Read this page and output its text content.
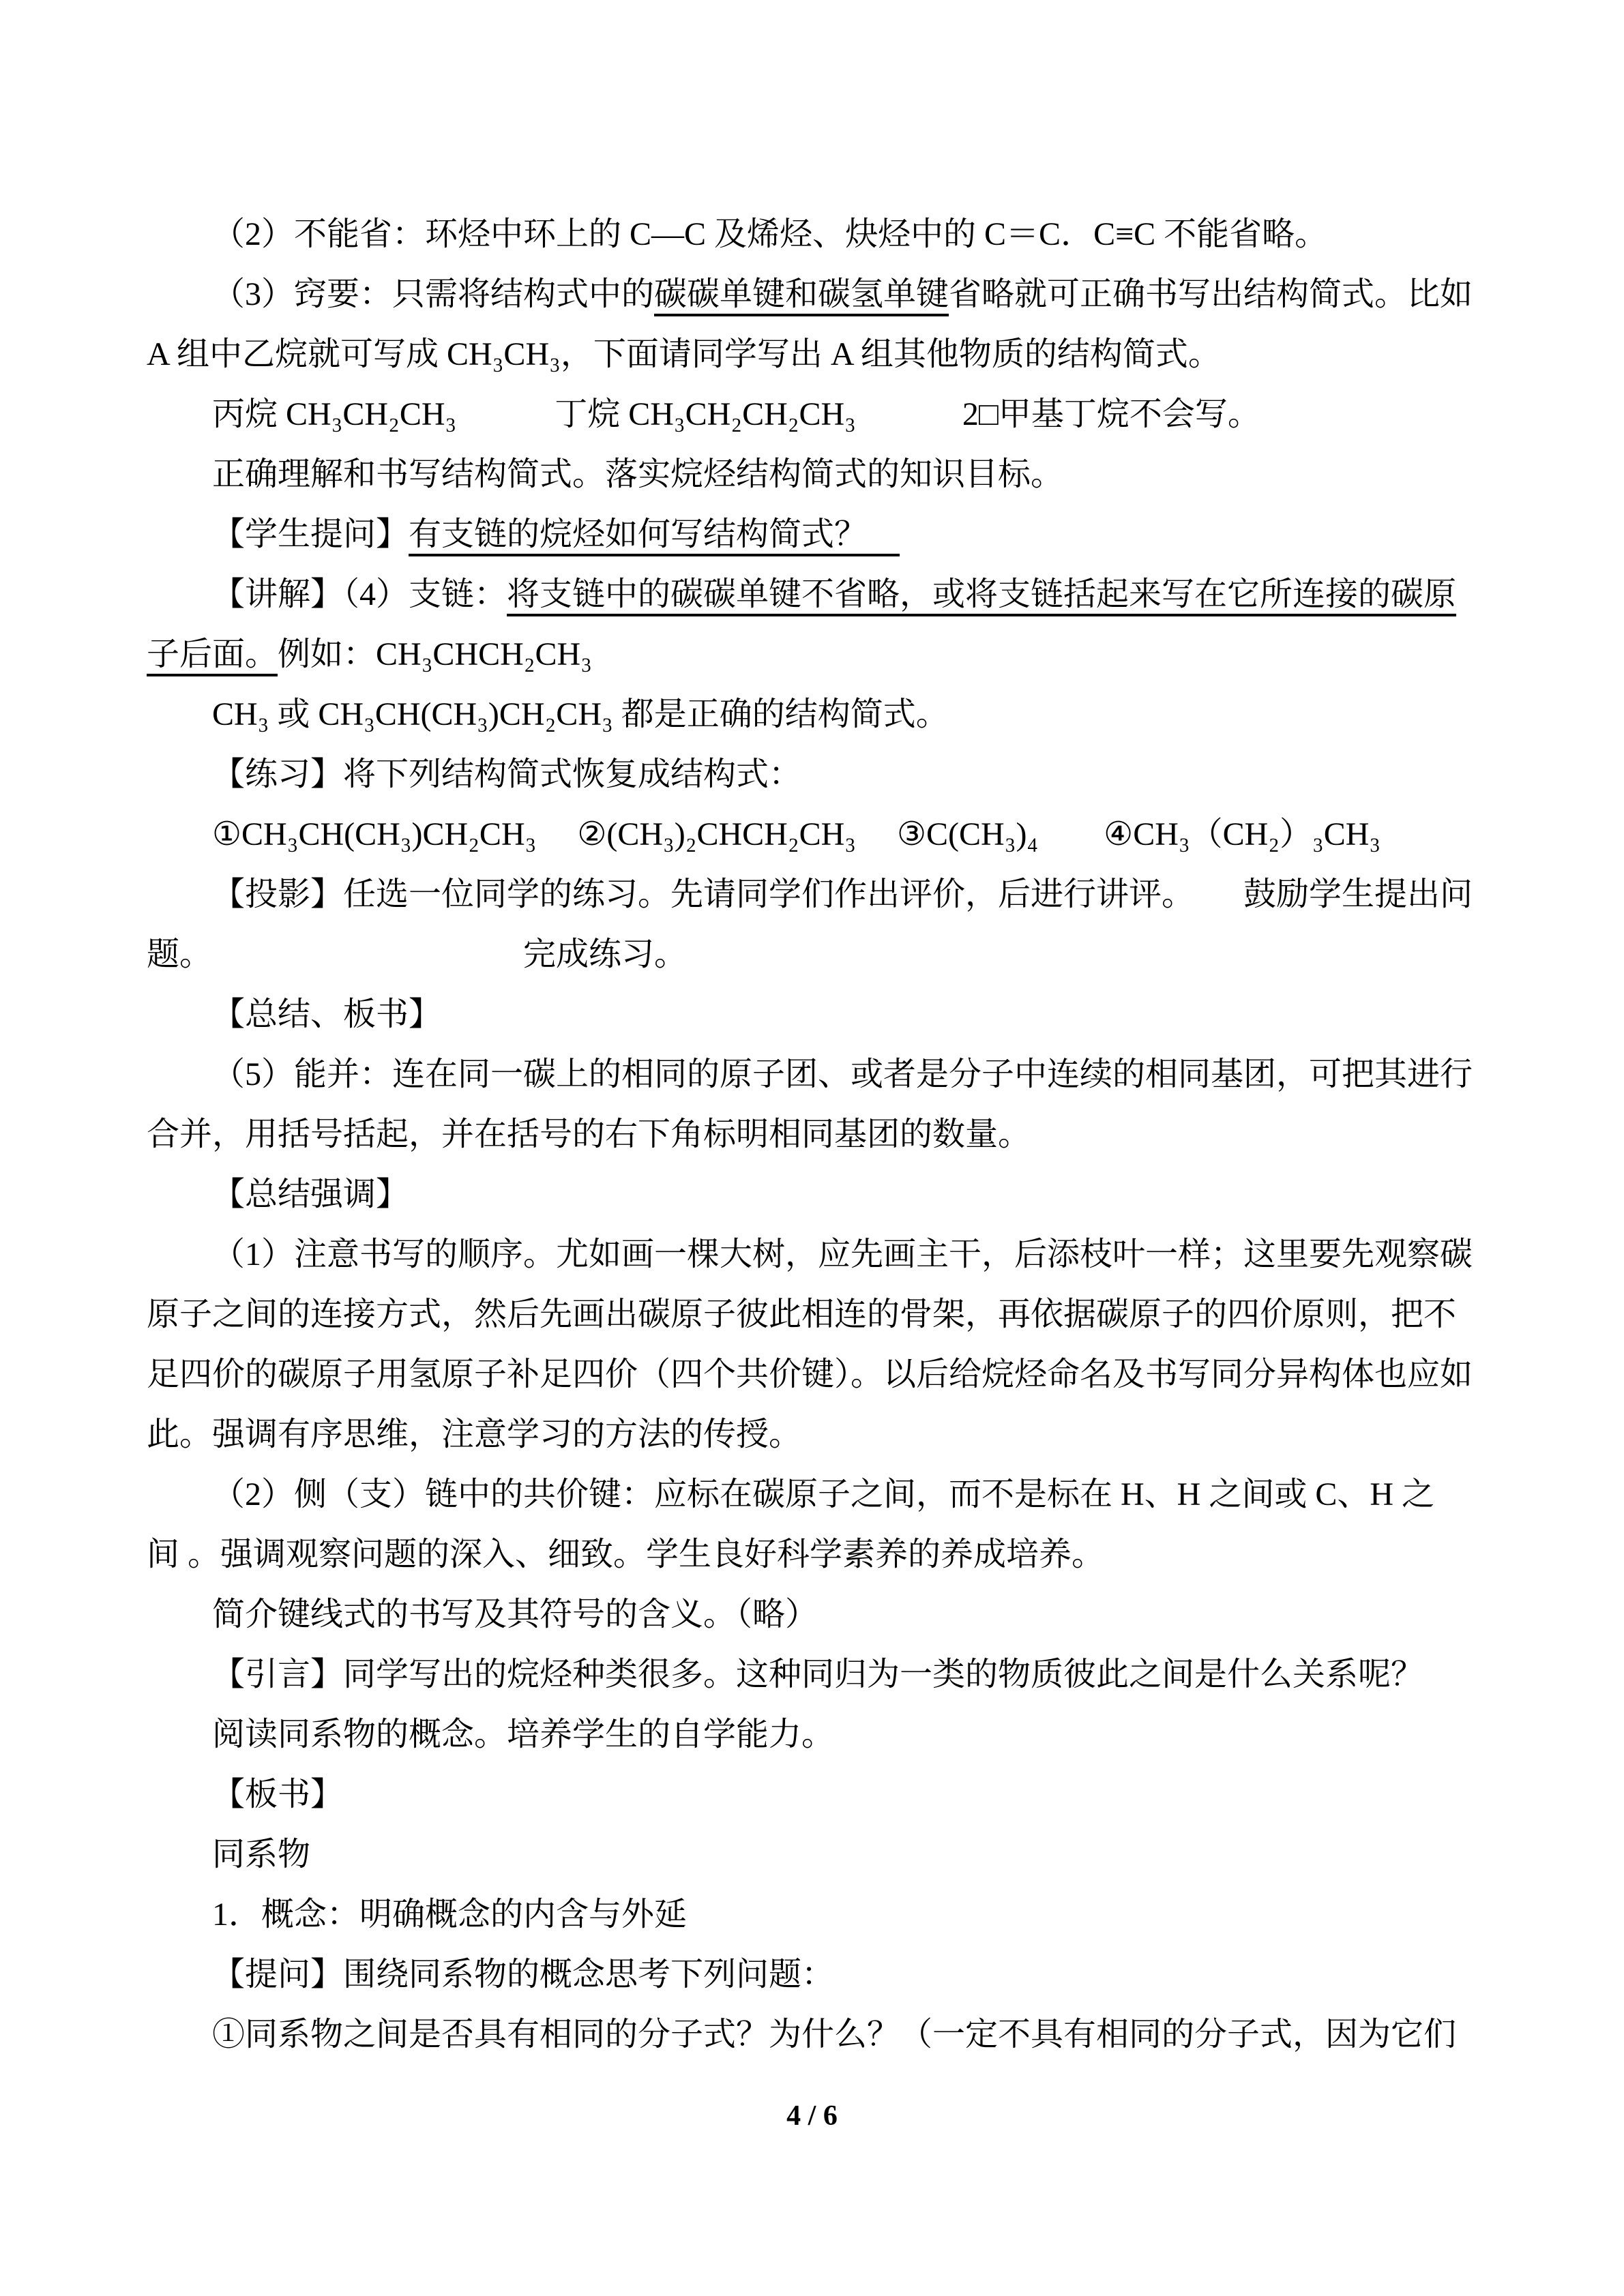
（2）不能省：环烃中环上的 C—C 及烯烃、炔烃中的 C＝C．C≡C 不能省略。

（3）窍要：只需将结构式中的碳碳单键和碳氢单键省略就可正确书写出结构简式。比如

A 组中乙烷就可写成 CH₃CH₃，下面请同学写出 A 组其他物质的结构简式。

丙烷 CH₃CH₂CH₃　　　丁烷 CH₃CH₂CH₂CH₃　　　 2□甲基丁烷不会写。

正确理解和书写结构简式。落实烷烃结构简式的知识目标。

【学生提问】有支链的烷烃如何写结构简式？　

【讲解】（4）支链：将支链中的碳碳单键不省略，或将支链括起来写在它所连接的碳原

子后面。例如：CH₃CHCH₂CH₃

CH₃ 或 CH₃CH(CH₃)CH₂CH₃ 都是正确的结构简式。

【练习】将下列结构简式恢复成结构式：

①CH₃CH(CH₃)CH₂CH₃　 ②(CH₃)₂CHCH₂CH₃　 ③C(CH₃)₄　　④CH₃（CH₂）₃CH₃

【投影】任选一位同学的练习。先请同学们作出评价，后进行讲评。　　鼓励学生提出问

题。　　　　　　　　　　完成练习。

【总结、板书】

（5）能并：连在同一碳上的相同的原子团、或者是分子中连续的相同基团，可把其进行

合并，用括号括起，并在括号的右下角标明相同基团的数量。

【总结强调】

（1）注意书写的顺序。尤如画一棵大树，应先画主干，后添枝叶一样；这里要先观察碳

原子之间的连接方式，然后先画出碳原子彼此相连的骨架，再依据碳原子的四价原则，把不

足四价的碳原子用氢原子补足四价（四个共价键）。以后给烷烃命名及书写同分异构体也应如

此。强调有序思维，注意学习的方法的传授。

（2）侧（支）链中的共价键：应标在碳原子之间，而不是标在 H、H 之间或 C、H 之

间 。强调观察问题的深入、细致。学生良好科学素养的养成培养。

简介键线式的书写及其符号的含义。（略）

【引言】同学写出的烷烃种类很多。这种同归为一类的物质彼此之间是什么关系呢？

阅读同系物的概念。培养学生的自学能力。

【板书】

同系物

1．概念：明确概念的内含与外延

【提问】围绕同系物的概念思考下列问题：

①同系物之间是否具有相同的分子式？为什么？（一定不具有相同的分子式，因为它们

4 / 6
